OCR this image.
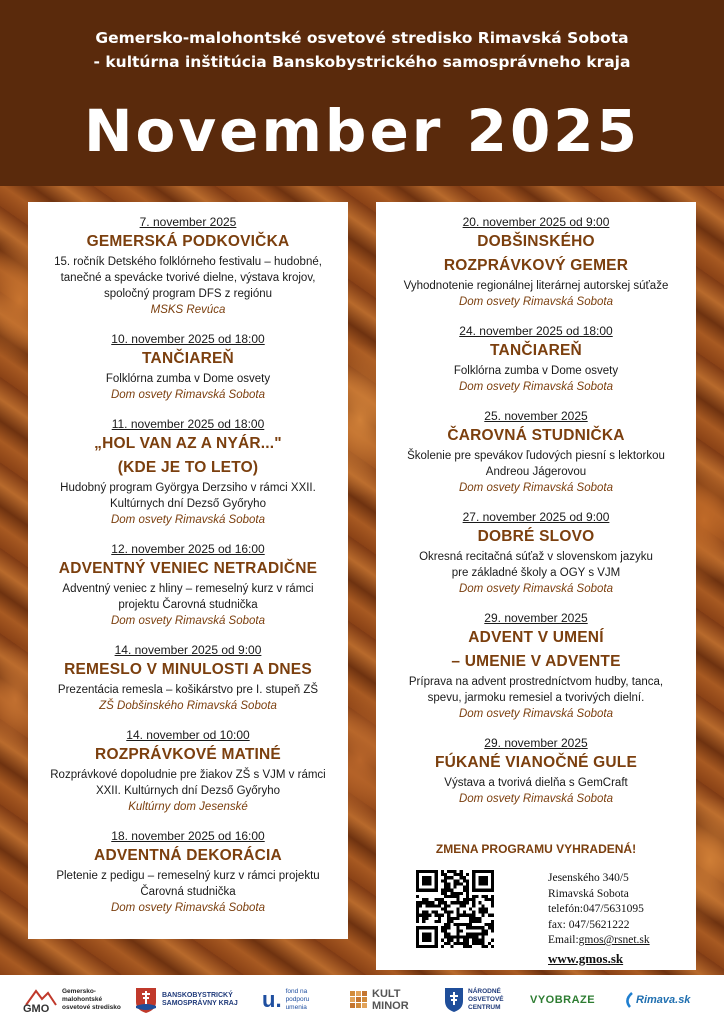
Gemersko-malohontské osvetové stredisko Rimavská Sobota
- kultúrna inštitúcia Banskobystrického samosprávneho kraja
November 2025
7. november 2025
GEMERSKÁ PODKOVIČKA
15. ročník Detského folklórneho festivalu – hudobné,
tanečné a spevácke tvorivé dielne, výstava krojov,
spoločný program DFS z regiónu
MSKS Revúca
10. november 2025 od 18:00
TANČIAREŇ
Folklórna zumba v Dome osvety
Dom osvety Rimavská Sobota
11. november 2025 od 18:00
„HOL VAN AZ A NYÁR..."
(KDE JE TO LETO)
Hudobný program Györgya Derzsiho v rámci XXII.
Kultúrnych dní Dezső Győryho
Dom osvety Rimavská Sobota
12. november 2025 od 16:00
ADVENTNÝ VENIEC NETRADIČNE
Adventný veniec z hliny – remeselný kurz v rámci
projektu Čarovná studnička
Dom osvety Rimavská Sobota
14. november 2025 od 9:00
REMESLO V MINULOSTI A DNES
Prezentácia remesla – košikárstvo pre I. stupeň ZŠ
ZŠ Dobšinského Rimavská Sobota
14. november od 10:00
ROZPRÁVKOVÉ MATINÉ
Rozprávkové dopoludnie pre žiakov ZŠ s VJM v rámci
XXII. Kultúrnych dní Dezső Győryho
Kultúrny dom Jesenské
18. november 2025 od 16:00
ADVENTNÁ DEKORÁCIA
Pletenie z pedigu – remeselný kurz v rámci projektu
Čarovná studnička
Dom osvety Rimavská Sobota
20. november 2025 od 9:00
DOBŠINSKÉHO
ROZPRÁVKOVÝ GEMER
Vyhodnotenie regionálnej literárnej autorskej súťaže
Dom osvety Rimavská Sobota
24. november 2025 od 18:00
TANČIAREŇ
Folklórna zumba v Dome osvety
Dom osvety Rimavská Sobota
25. november 2025
ČAROVNÁ STUDNIČKA
Školenie pre spevákov ľudových piesní s lektorkou
Andreou Jágerovou
Dom osvety Rimavská Sobota
27. november 2025 od 9:00
DOBRÉ SLOVO
Okresná recitačná súťaž v slovenskom jazyku
pre základné školy a OGY s VJM
Dom osvety Rimavská Sobota
29. november 2025
ADVENT V UMENÍ
– UMENIE V ADVENTE
Príprava na advent prostredníctvom hudby, tanca,
spevu, jarmoku remesiel a tvorivých dielní.
Dom osvety Rimavská Sobota
29. november 2025
FÚKANÉ VIANOČNÉ GULE
Výstava a tvorivá dielňa s GemCraft
Dom osvety Rimavská Sobota
ZMENA PROGRAMU VYHRADENÁ!
Jesenského 340/5
Rimavská Sobota
telefón:047/5631095
fax: 047/5621222
Email:gmos@rsnet.sk
www.gmos.sk
GMO
Gemersko-malohontské osvetové stredisko
BANSKOBYSTRICKÝ
SAMOSPRÁVNY KRAJ u. fond na podporu umenia
KULT MINOR
NÁRODNÉ OSVETOVÉ CENTRUM
VYOBRAZE	Rimava.sk
